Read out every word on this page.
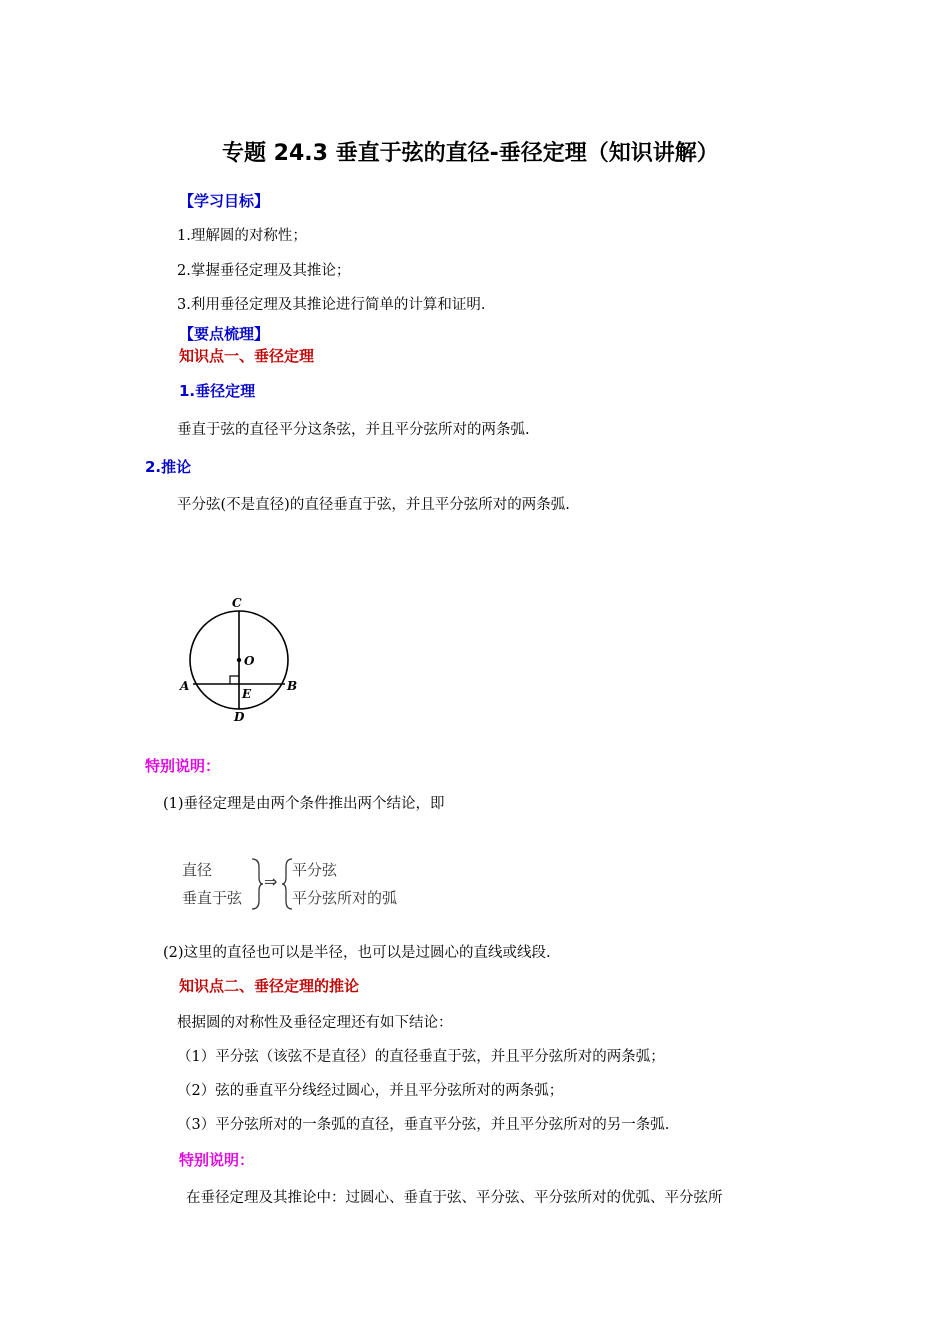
专题 24.3 垂直于弦的直径-垂径定理（知识讲解）
【学习目标】
1.理解圆的对称性；
2.掌握垂径定理及其推论；
3.利用垂径定理及其推论进行简单的计算和证明.
【要点梳理】
知识点一、垂径定理
1.垂径定理
垂直于弦的直径平分这条弦，并且平分弦所对的两条弧.
2.推论
平分弦(不是直径)的直径垂直于弦，并且平分弦所对的两条弧.
C
O
A	B
E
D
特别说明：
(1)垂径定理是由两个条件推出两个结论，即
直径
垂直于弦
⇒
平分弦
平分弦所对的弧
(2)这里的直径也可以是半径，也可以是过圆心的直线或线段.
知识点二、垂径定理的推论
根据圆的对称性及垂径定理还有如下结论：
（1）平分弦（该弦不是直径）的直径垂直于弦，并且平分弦所对的两条弧；
（2）弦的垂直平分线经过圆心，并且平分弦所对的两条弧；
（3）平分弦所对的一条弧的直径，垂直平分弦，并且平分弦所对的另一条弧.
特别说明：
在垂径定理及其推论中：过圆心、垂直于弦、平分弦、平分弦所对的优弧、平分弦所
